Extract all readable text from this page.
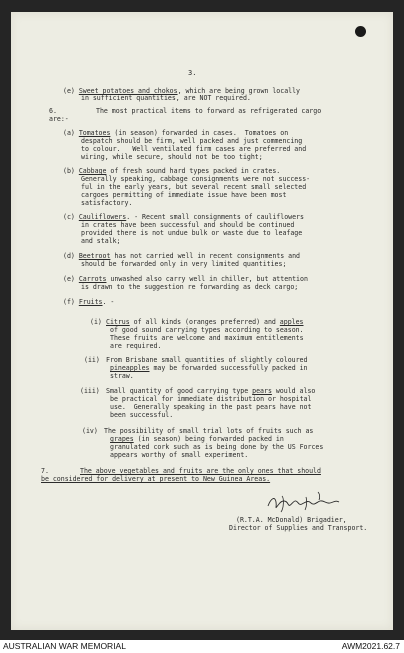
3.
(e) Sweet potatoes and chokos, which are being grown locally
in sufficient quantities, are NOT required.
6.	The most practical items to forward as refrigerated cargo
are:-
(a) Tomatoes (in season) forwarded in cases.  Tomatoes on
despatch should be firm, well packed and just commencing
to colour.   Well ventilated firm cases are preferred and
wiring, while secure, should not be too tight;
(b) Cabbage of fresh sound hard types packed in crates.
Generally speaking, cabbage consignments were not success-
ful in the early years, but several recent small selected
cargoes permitting of immediate issue have been most
satisfactory.
(c) Cauliflowers. - Recent small consignments of cauliflowers
in crates have been successful and should be continued
provided there is not undue bulk or waste due to leafage
and stalk;
(d) Beetroot has not carried well in recent consignments and
should be forwarded only in very limited quantities;
(e) Carrots unwashed also carry well in chiller, but attention
is drawn to the suggestion re forwarding as deck cargo;
(f) Fruits. -
(i) Citrus of all kinds (oranges preferred) and apples
of good sound carrying types according to season.
These fruits are welcome and maximum entitlements
are required.
(ii) From Brisbane small quantities of slightly coloured
pineapples may be forwarded successfully packed in
straw.
(iii) Small quantity of good carrying type pears would also
be practical for immediate distribution or hospital
use.  Generally speaking in the past pears have not
been successful.
(iv) The possibility of small trial lots of fruits such as
grapes (in season) being forwarded packed in
granulated cork such as is being done by the US Forces
appears worthy of small experiment.
7.	The above vegetables and fruits are the only ones that should
be considered for delivery at present to New Guinea Areas.
(R.T.A. McDonald) Brigadier,
Director of Supplies and Transport.
AUSTRALIAN WAR MEMORIAL	AWM2021.62.7
